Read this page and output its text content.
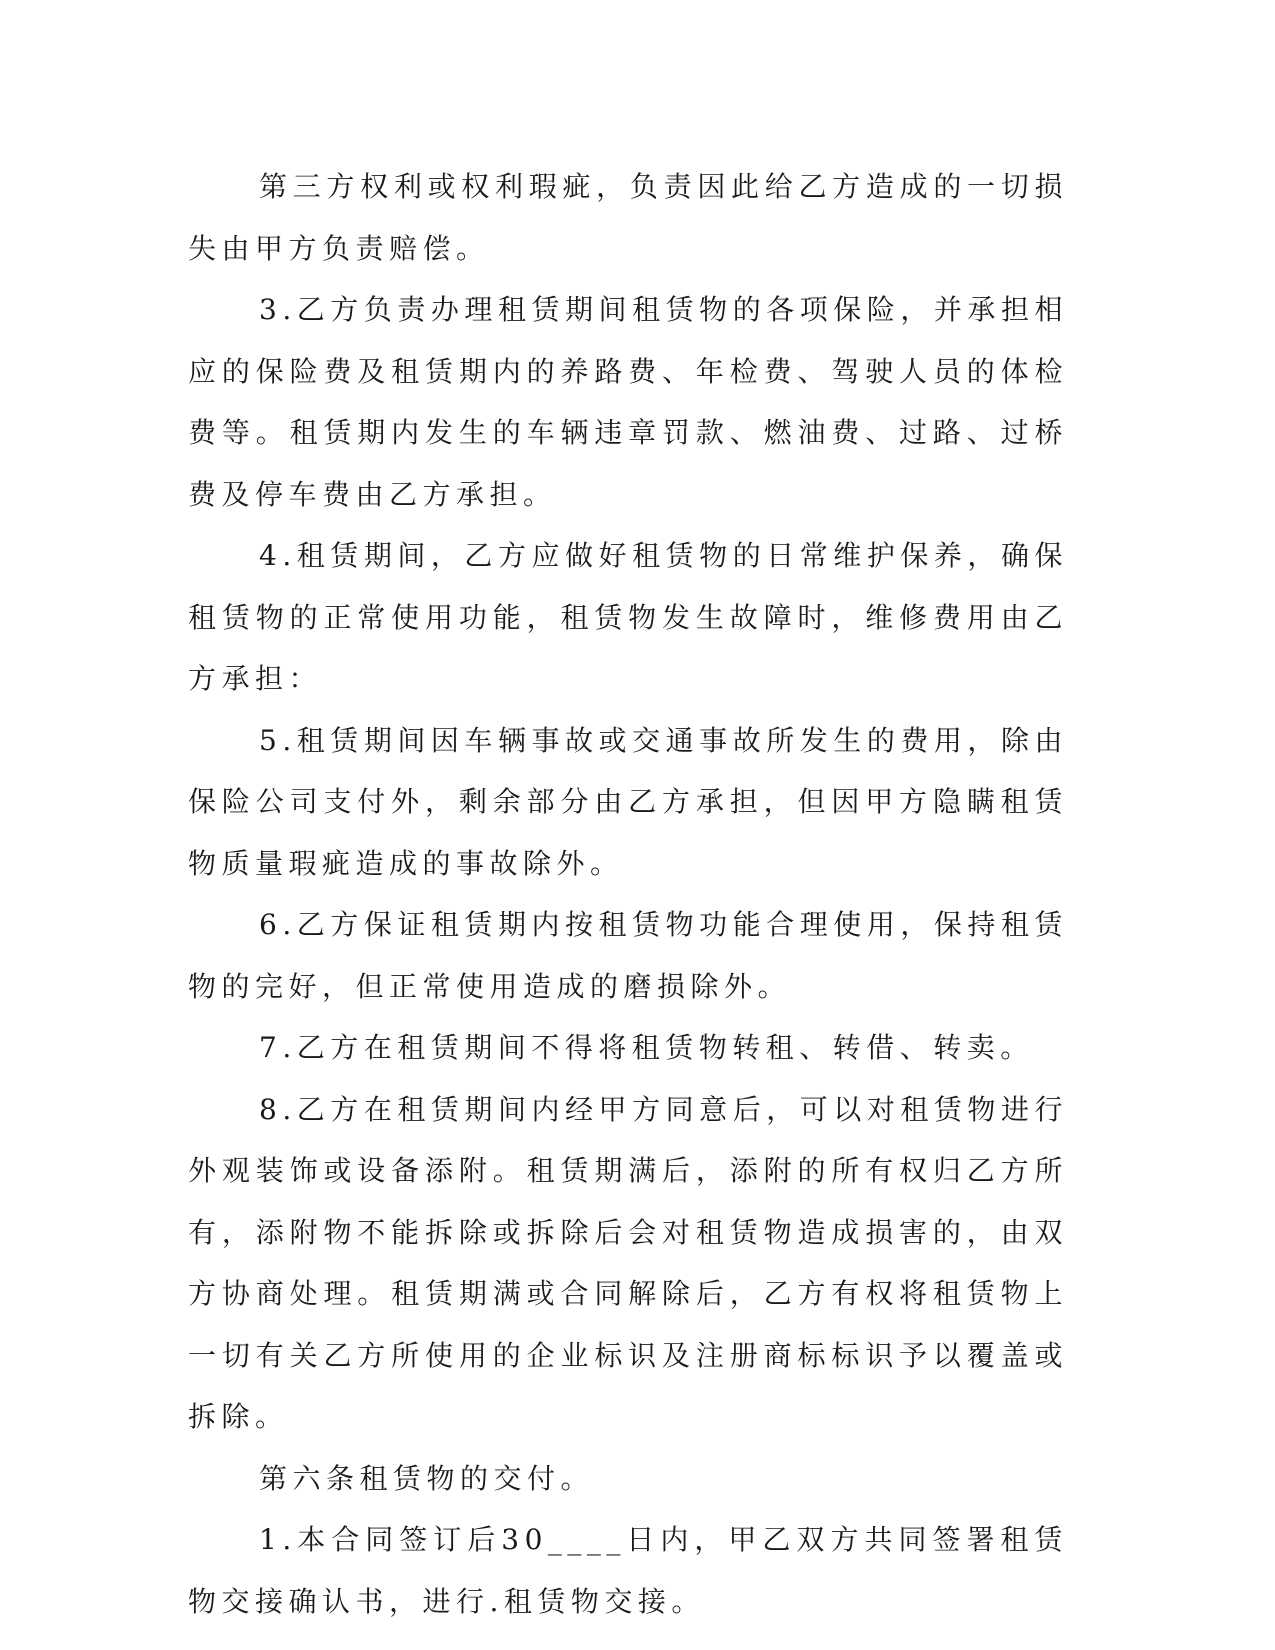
第三方权利或权利瑕疵，负责因此给乙方造成的一切损失由甲方负责赔偿。

3.乙方负责办理租赁期间租赁物的各项保险，并承担相应的保险费及租赁期内的养路费、年检费、驾驶人员的体检费等。租赁期内发生的车辆违章罚款、燃油费、过路、过桥费及停车费由乙方承担。

4.租赁期间，乙方应做好租赁物的日常维护保养，确保租赁物的正常使用功能，租赁物发生故障时，维修费用由乙方承担：

5.租赁期间因车辆事故或交通事故所发生的费用，除由保险公司支付外，剩余部分由乙方承担，但因甲方隐瞒租赁物质量瑕疵造成的事故除外。

6.乙方保证租赁期内按租赁物功能合理使用，保持租赁物的完好，但正常使用造成的磨损除外。

7.乙方在租赁期间不得将租赁物转租、转借、转卖。

8.乙方在租赁期间内经甲方同意后，可以对租赁物进行外观装饰或设备添附。租赁期满后，添附的所有权归乙方所有，添附物不能拆除或拆除后会对租赁物造成损害的，由双方协商处理。租赁期满或合同解除后，乙方有权将租赁物上一切有关乙方所使用的企业标识及注册商标标识予以覆盖或拆除。

第六条租赁物的交付。

1.本合同签订后30____日内，甲乙双方共同签署租赁物交接确认书，进行.租赁物交接。
